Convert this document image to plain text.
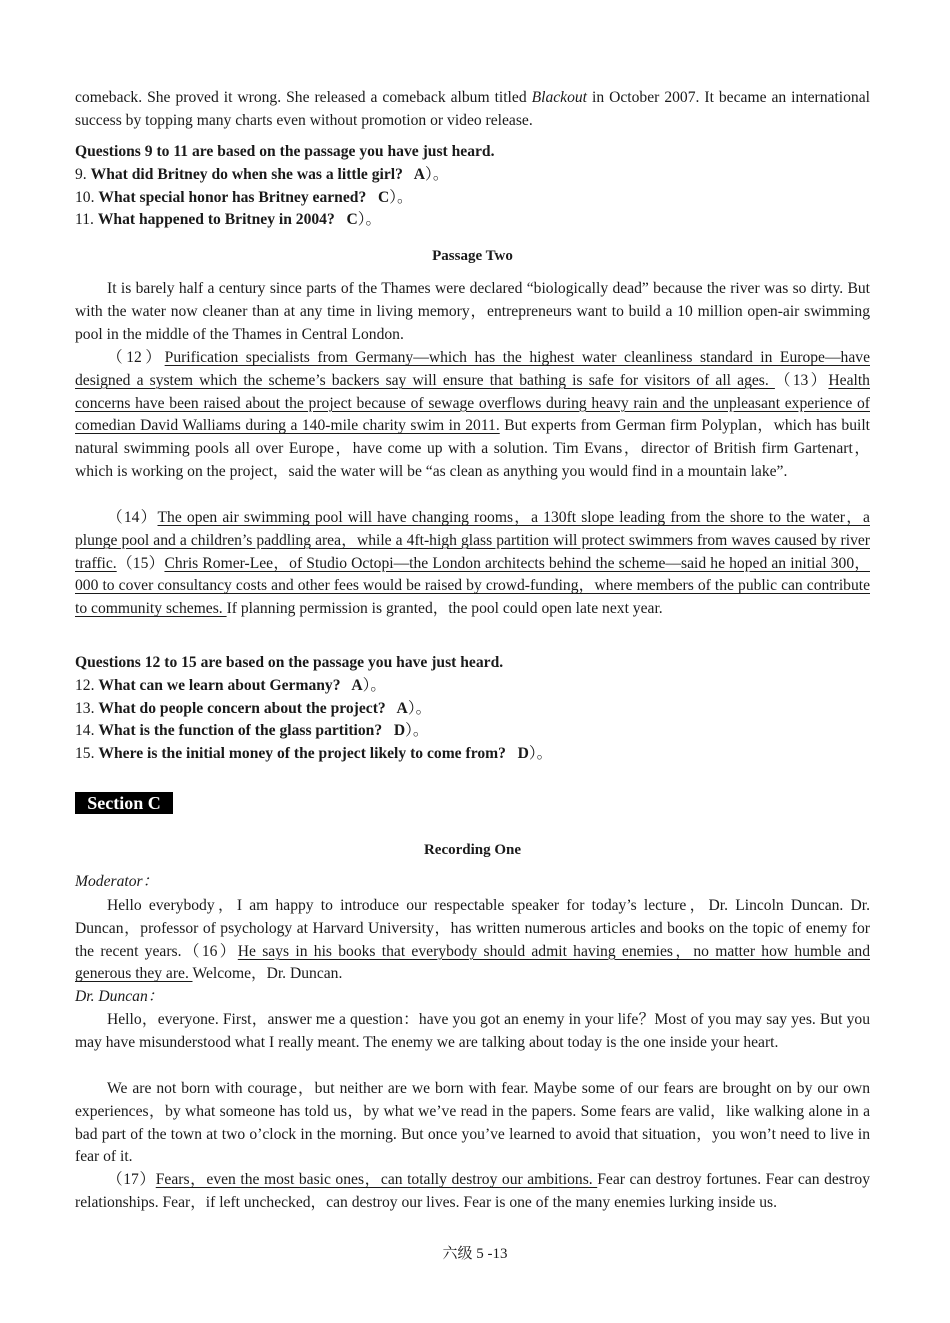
comeback. She proved it wrong. She released a comeback album titled Blackout in October 2007. It became an international success by topping many charts even without promotion or video release.
Questions 9 to 11 are based on the passage you have just heard.
9. What did Britney do when she was a little girl?   A）。
10. What special honor has Britney earned?   C）。
11. What happened to Britney in 2004?   C）。
Passage Two
It is barely half a century since parts of the Thames were declared “biologically dead” because the river was so dirty. But with the water now cleaner than at any time in living memory，entrepreneurs want to build a 10 million open-air swimming pool in the middle of the Thames in Central London.
（12）Purification specialists from Germany—which has the highest water cleanliness standard in Europe—have designed a system which the scheme’s backers say will ensure that bathing is safe for visitors of all ages. （13）Health concerns have been raised about the project because of sewage overflows during heavy rain and the unpleasant experience of comedian David Walliams during a 140-mile charity swim in 2011. But experts from German firm Polyplan，which has built natural swimming pools all over Europe，have come up with a solution. Tim Evans，director of British firm Gartenart，which is working on the project，said the water will be “as clean as anything you would find in a mountain lake”.
（14）The open air swimming pool will have changing rooms，a 130ft slope leading from the shore to the water，a plunge pool and a children’s paddling area，while a 4ft-high glass partition will protect swimmers from waves caused by river traffic.（15）Chris Romer-Lee，of Studio Octopi—the London architects behind the scheme—said he hoped an initial 300，000 to cover consultancy costs and other fees would be raised by crowd-funding，where members of the public can contribute to community schemes. If planning permission is granted，the pool could open late next year.
Questions 12 to 15 are based on the passage you have just heard.
12. What can we learn about Germany?   A）。
13. What do people concern about the project?   A）。
14. What is the function of the glass partition?   D）。
15. Where is the initial money of the project likely to come from?   D）。
Section C
Recording One
Moderator：
Hello everybody，I am happy to introduce our respectable speaker for today’s lecture，Dr. Lincoln Duncan. Dr. Duncan，professor of psychology at Harvard University，has written numerous articles and books on the topic of enemy for the recent years.（16）He says in his books that everybody should admit having enemies，no matter how humble and generous they are. Welcome，Dr. Duncan.
Dr. Duncan：
Hello，everyone. First，answer me a question：have you got an enemy in your life？Most of you may say yes. But you may have misunderstood what I really meant. The enemy we are talking about today is the one inside your heart.
We are not born with courage，but neither are we born with fear. Maybe some of our fears are brought on by our own experiences，by what someone has told us，by what we’ve read in the papers. Some fears are valid，like walking alone in a bad part of the town at two o’clock in the morning. But once you’ve learned to avoid that situation，you won’t need to live in fear of it.
（17）Fears，even the most basic ones，can totally destroy our ambitions. Fear can destroy fortunes. Fear can destroy relationships. Fear，if left unchecked，can destroy our lives. Fear is one of the many enemies lurking inside us.
六级 5 -13
